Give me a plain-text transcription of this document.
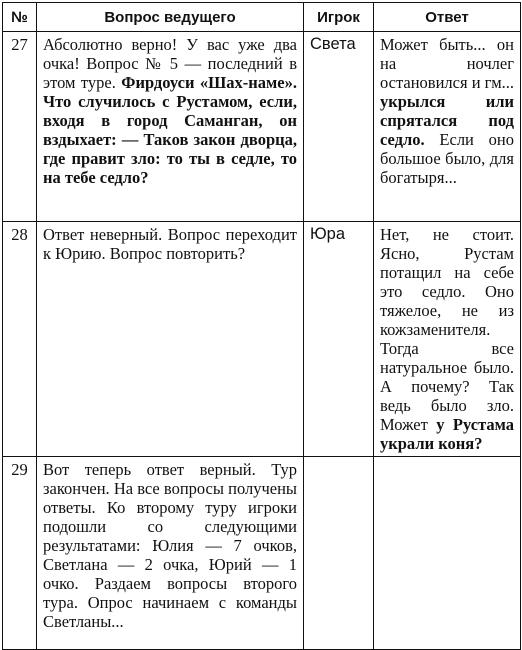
№	Вопрос ведущего	Игрок	Ответ
27	Абсолютно верно! У вас уже два очка! Вопрос № 5 — последний в этом турe. Фирдоуси «Шах-наме». Что случилось с Рустамом, если, входя в город Саманган, он вздыхает: — Таков закон дворца, где правит зло: то ты в седле, то на тебе седло?	Света	Может быть... он на ночлег остановился и гм... укрылся или спрятался под седло. Если оно большое было, для богатыря...
28	Ответ неверный. Вопрос переходит к Юрию. Вопрос повторить?	Юра	Нет, не стоит. Ясно, Рустам потащил на себе это седло. Оно тяжелое, не из кожзаменителя. Тогда все натуральное было. А почему? Так ведь было зло. Может у Рустама украли коня?
29	Вот теперь ответ верный. Тур закончен. На все вопросы получены ответы. Ко второму туру игроки подошли со следующими результатами: Юлия — 7 очков, Светлана — 2 очка, Юрий — 1 очко. Раздаем вопросы второго тура. Опрос начинаем с команды Светланы...		
